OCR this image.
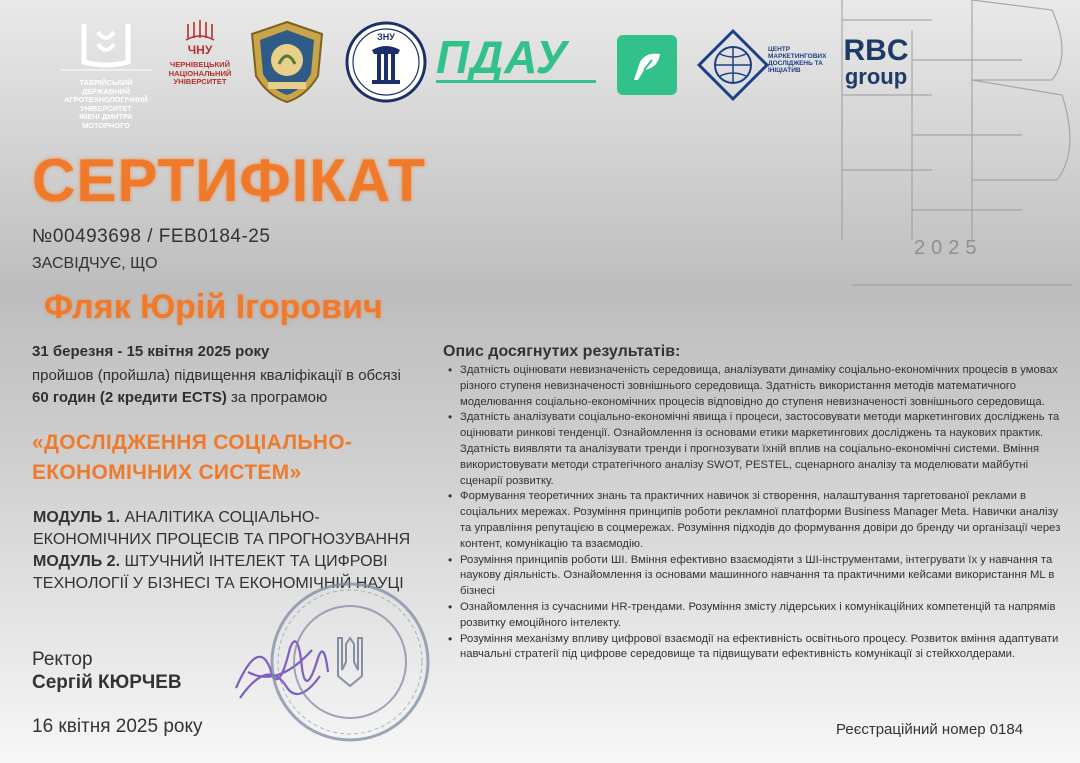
2025
ТАВРІЙСЬКИЙ ДЕРЖАВНИЙ
АГРОТЕХНОЛОГІЧНИЙ УНІВЕРСИТЕТ
ІМЕНІ ДМИТРА МОТОРНОГО
ЧНУ
ЧЕРНІВЕЦЬКИЙ
НАЦІОНАЛЬНИЙ
УНІВЕРСИТЕТ
ЗНУ ПДАУ	ЦЕНТР
МАРКЕТИНГОВИХ
ДОСЛІДЖЕНЬ ТА
ІНІЦІАТИВ
RBC
group
СЕРТИФІКАТ
№00493698 / FEB0184-25
ЗАСВІДЧУЄ, ЩО
Фляк Юрій Ігорович
31 березня - 15 квітня 2025 року
пройшов (пройшла) підвищення кваліфікації в обсязі
60 годин (2 кредити ECTS) за програмою
«ДОСЛІДЖЕННЯ СОЦІАЛЬНО-ЕКОНОМІЧНИХ СИСТЕМ»
МОДУЛЬ 1. АНАЛІТИКА СОЦІАЛЬНО-ЕКОНОМІЧНИХ ПРОЦЕСІВ ТА ПРОГНОЗУВАННЯ
МОДУЛЬ 2. ШТУЧНИЙ ІНТЕЛЕКТ ТА ЦИФРОВІ ТЕХНОЛОГІЇ У БІЗНЕСІ ТА ЕКОНОМІЧНІЙ НАУЦІ
Ректор
Сергій КЮРЧЕВ
16 квітня 2025 року
Опис досягнутих результатів:
• Здатність оцінювати невизначеність середовища, аналізувати динаміку соціально-економічних процесів в умовах різного ступеня невизначеності зовнішнього середовища. Здатність використання методів математичного моделювання соціально-економічних процесів відповідно до ступеня невизначеності зовнішнього середовища.
• Здатність аналізувати соціально-економічні явища і процеси, застосовувати методи маркетингових досліджень та оцінювати ринкові тенденції. Ознайомлення із основами етики маркетингових досліджень та наукових практик. Здатність виявляти та аналізувати тренди і прогнозувати їхній вплив на соціально-економічні системи. Вміння використовувати методи стратегічного аналізу SWOT, PESTEL, сценарного аналізу та моделювати майбутні сценарії розвитку.
• Формування теоретичних знань та практичних навичок зі створення, налаштування таргетованої реклами в соціальних мережах. Розуміння принципів роботи рекламної платформи Business Manager Meta. Навички аналізу та управління репутацією в соцмережах. Розуміння підходів до формування довіри до бренду чи організації через контент, комунікацію та взаємодію.
• Розуміння принципів роботи ШІ. Вміння ефективно взаємодіяти з ШІ-інструментами, інтегрувати їх у навчання та наукову діяльність. Ознайомлення із основами машинного навчання та практичними кейсами використання ML в бізнесі
• Ознайомлення із сучасними HR-трендами. Розуміння змісту лідерських і комунікаційних компетенцій та напрямів розвитку емоційного інтелекту.
• Розуміння механізму впливу цифрової взаємодії на ефективність освітнього процесу. Розвиток вміння адаптувати навчальні стратегії під цифрове середовище та підвищувати ефективність комунікації зі стейкхолдерами.
Реєстраційний номер 0184
